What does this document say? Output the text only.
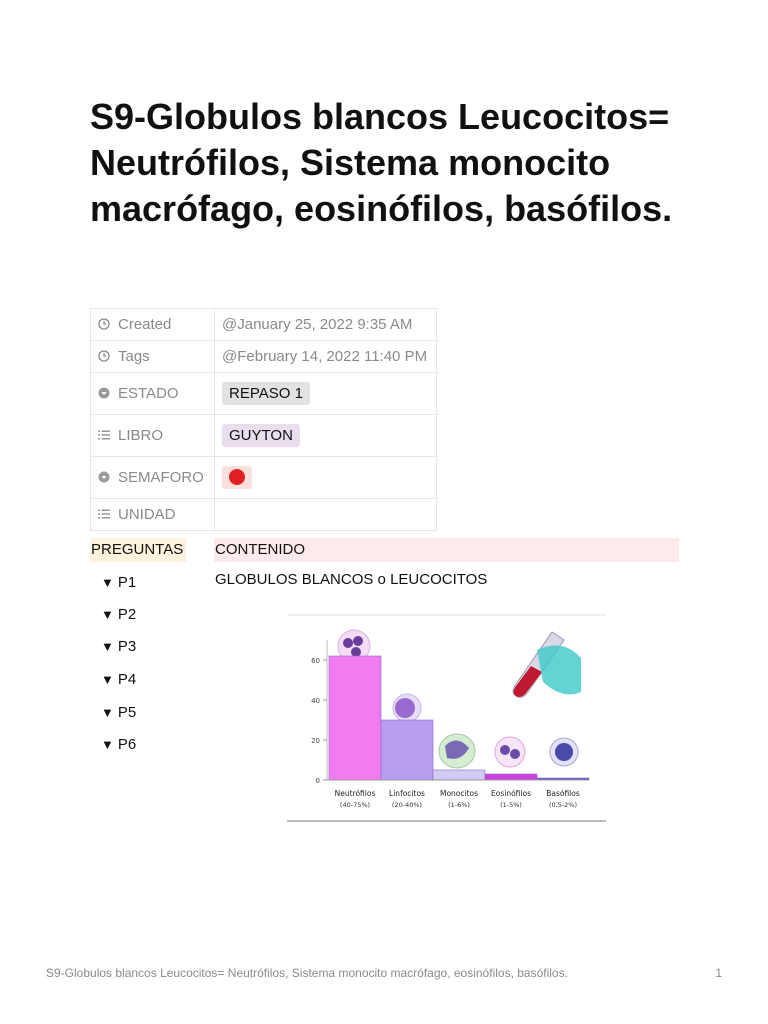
S9-Globulos blancos Leucocitos= Neutrófilos, Sistema monocito macrófago, eosinófilos, basófilos.
Created	@January 25, 2022 9:35 AM

Tags	@February 14, 2022 11:40 PM

ESTADO	REPASO 1

LIBRO	GUYTON

SEMAFORO	

UNIDAD	
PREGUNTAS CONTENIDO
▼ P1
▼ P2
▼ P3
▼ P4
▼ P5
▼ P6
GLOBULOS BLANCOS o LEUCOCITOS
0
20
40
60
Neutrófilos
(40-75%)
Linfocitos
(20-40%)
Monocitos
(1-6%)
Eosinófilos
(1-5%)
Basófilos
(0,5-2%)
S9-Globulos blancos Leucocitos= Neutrófilos, Sistema monocito macrófago, eosinófilos, basófilos.	1
